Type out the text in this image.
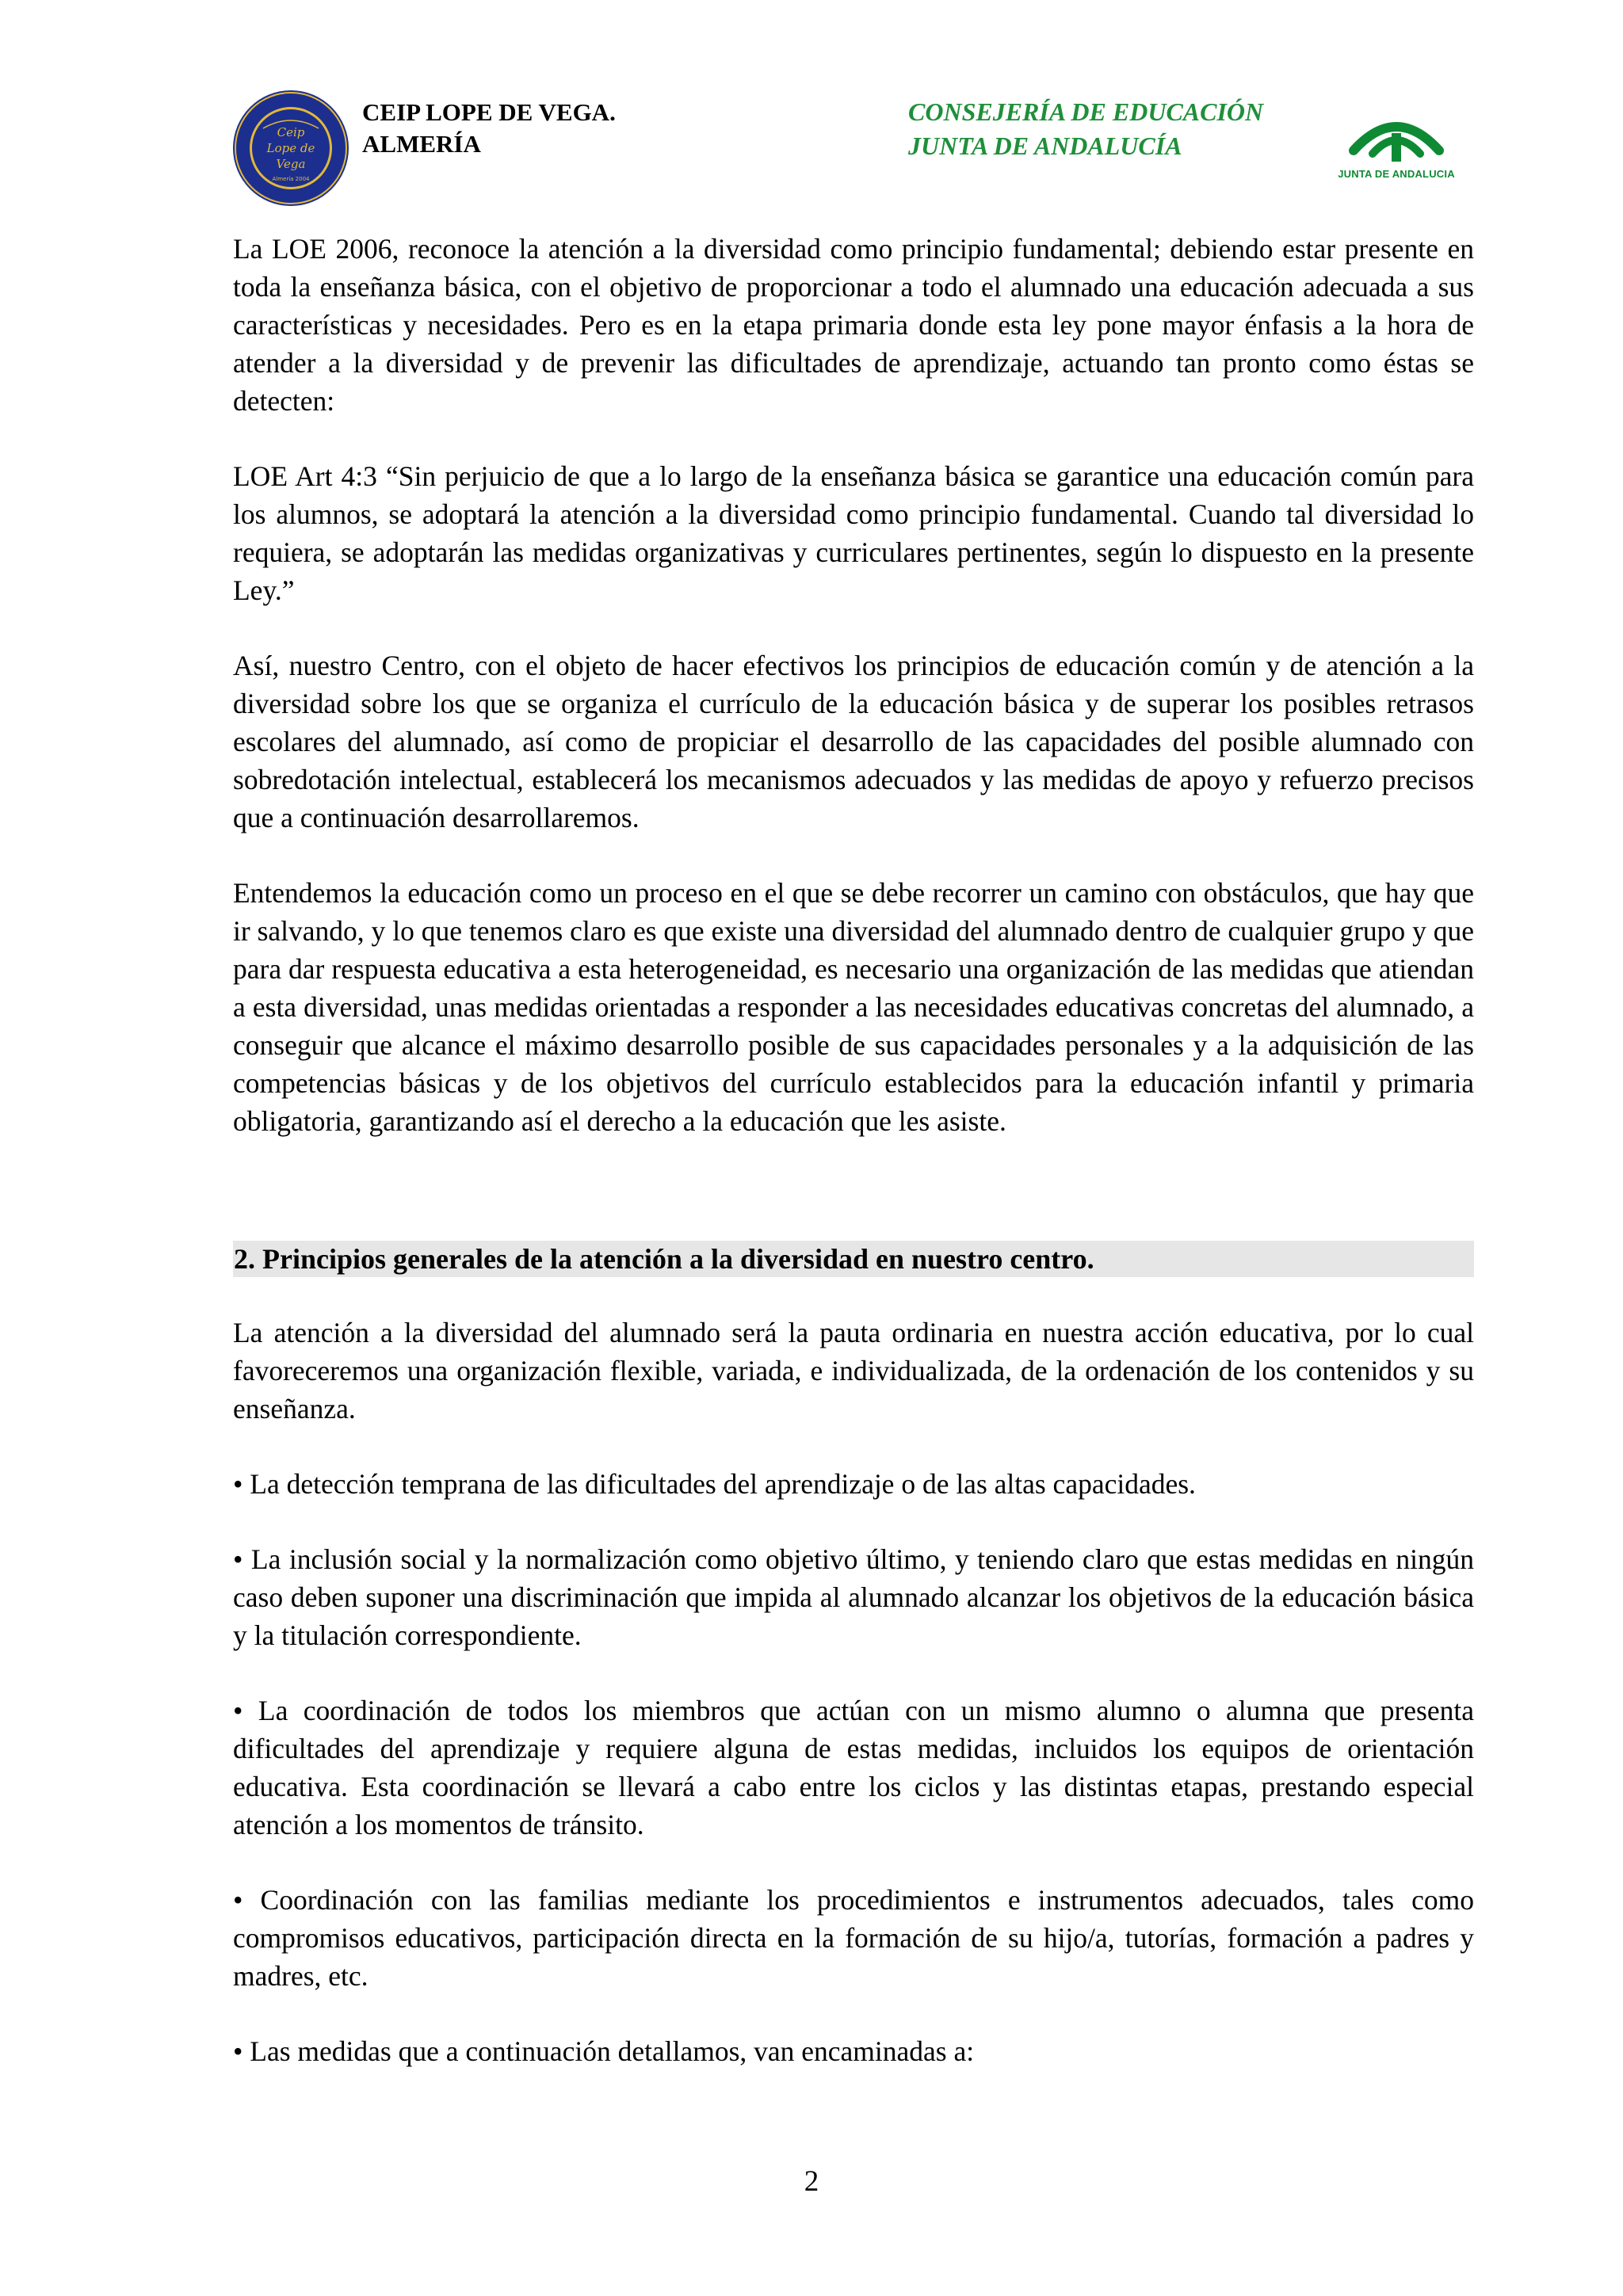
Ceip
Lope de
Vega
Almería 2004
CEIP LOPE DE VEGA.
ALMERÍA
CONSEJERÍA DE EDUCACIÓN
JUNTA DE ANDALUCÍA
JUNTA DE ANDALUCIA

La LOE 2006, reconoce la atención a la diversidad como principio fundamental; debiendo estar presente en toda la enseñanza básica, con el objetivo de proporcionar a todo el alumnado una educación adecuada a sus características y necesidades. Pero es en la etapa primaria donde esta ley pone mayor énfasis a la hora de atender a la diversidad y de prevenir las dificultades de aprendizaje, actuando tan pronto como éstas se detecten:

LOE Art 4:3 “Sin perjuicio de que a lo largo de la enseñanza básica se garantice una educación común para los alumnos, se adoptará la atención a la diversidad como principio fundamental. Cuando tal diversidad lo requiera, se adoptarán las medidas organizativas y curriculares pertinentes, según lo dispuesto en la presente Ley.”

Así, nuestro Centro, con el objeto de hacer efectivos los principios de educación común y de atención a la diversidad sobre los que se organiza el currículo de la educación básica y de superar los posibles retrasos escolares del alumnado, así como de propiciar el desarrollo de las capacidades del posible alumnado con sobredotación intelectual, establecerá los mecanismos adecuados y las medidas de apoyo y refuerzo precisos que a continuación desarrollaremos.

Entendemos la educación como un proceso en el que se debe recorrer un camino con obstáculos, que hay que ir salvando, y lo que tenemos claro es que existe una diversidad del alumnado dentro de cualquier grupo y que para dar respuesta educativa a esta heterogeneidad, es necesario una organización de las medidas que atiendan a esta diversidad, unas medidas orientadas a responder a las necesidades educativas concretas del alumnado, a conseguir que alcance el máximo desarrollo posible de sus capacidades personales y a la adquisición de las competencias básicas y de los objetivos del currículo establecidos para la educación infantil y primaria obligatoria, garantizando así el derecho a la educación que les asiste.

2. Principios generales de la atención a la diversidad en nuestro centro.

La atención a la diversidad del alumnado será la pauta ordinaria en nuestra acción educativa, por lo cual favoreceremos una organización flexible, variada, e individualizada, de la ordenación de los contenidos y su enseñanza.

• La detección temprana de las dificultades del aprendizaje o de las altas capacidades.

• La inclusión social y la normalización como objetivo último, y teniendo claro que estas medidas en ningún caso deben suponer una discriminación que impida al alumnado alcanzar los objetivos de la educación básica y la titulación correspondiente.

• La coordinación de todos los miembros que actúan con un mismo alumno o alumna que presenta dificultades del aprendizaje y requiere alguna de estas medidas, incluidos los equipos de orientación educativa. Esta coordinación se llevará a cabo entre los ciclos y las distintas etapas, prestando especial atención a los momentos de tránsito.

• Coordinación con las familias mediante los procedimientos e instrumentos adecuados, tales como compromisos educativos, participación directa en la formación de su hijo/a, tutorías, formación a padres y madres, etc.

• Las medidas que a continuación detallamos, van encaminadas a:

2
